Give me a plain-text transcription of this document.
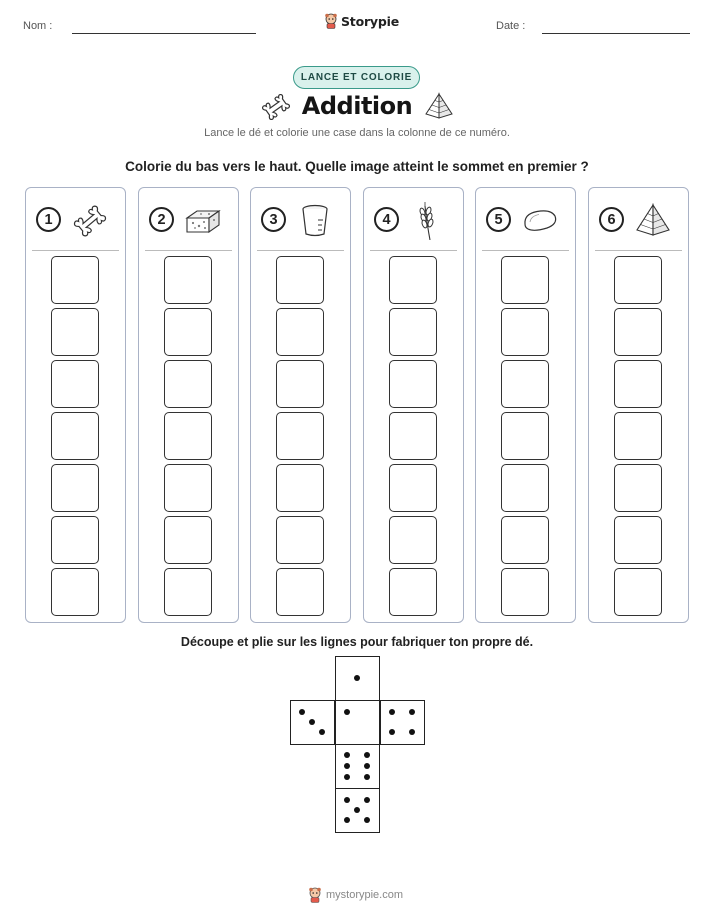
Nom :	Storypie	Date :
LANCE ET COLORIE
Addition
Lance le dé et colorie une case dans la colonne de ce numéro.
Colorie du bas vers le haut. Quelle image atteint le sommet en premier ?
1	2	3	4	5	6
Découpe et plie sur les lignes pour fabriquer ton propre dé.
mystorypie.com
